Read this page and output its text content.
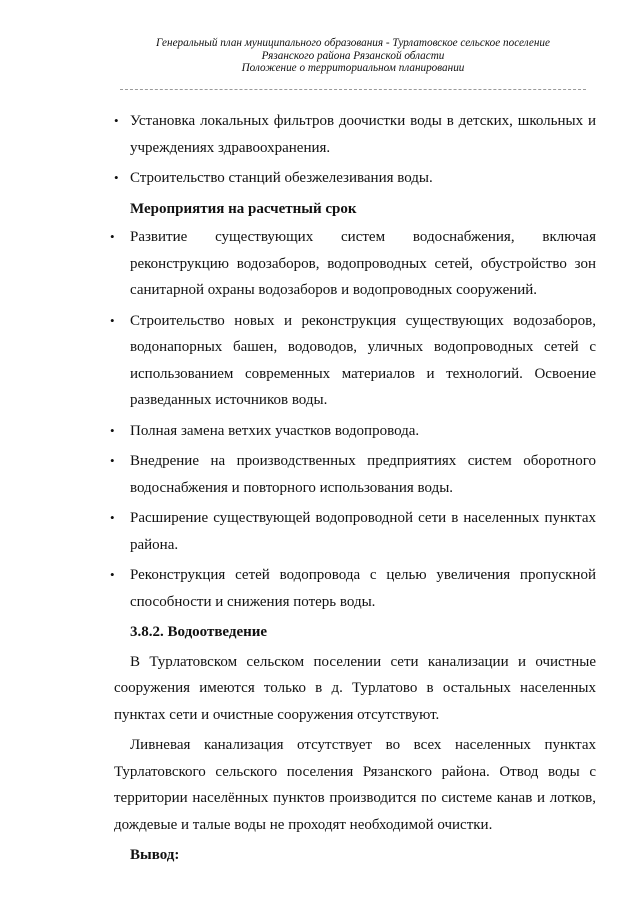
Генеральный план муниципального образования - Турлатовское сельское поселение
Рязанского района Рязанской области
Положение о территориальном планировании
• Установка локальных фильтров доочистки воды в детских, школьных и учреждениях здравоохранения.
• Строительство станций обезжелезивания воды.
Мероприятия на расчетный срок
•	Развитие существующих систем водоснабжения, включая реконструкцию водозаборов, водопроводных сетей, обустройство зон санитарной охраны водозаборов и водопроводных сооружений.
•	Строительство новых и реконструкция существующих водозаборов, водонапорных башен, водоводов, уличных водопроводных сетей с использованием современных материалов и технологий. Освоение разведанных источников воды.
•	Полная замена ветхих участков водопровода.
•	Внедрение на производственных предприятиях систем оборотного водоснабжения и повторного использования воды.
•	Расширение существующей водопроводной сети в населенных пунктах района.
•	Реконструкция сетей водопровода с целью увеличения пропускной способности и снижения потерь воды.
3.8.2. Водоотведение

В Турлатовском сельском поселении сети канализации и очистные сооружения имеются только в д. Турлатово в остальных населенных пунктах сети и очистные сооружения отсутствуют.

Ливневая канализация отсутствует во всех населенных пунктах Турлатовского сельского поселения Рязанского района. Отвод воды с территории населённых пунктов производится по системе канав и лотков, дождевые и талые воды не проходят необходимой очистки.

Вывод:
